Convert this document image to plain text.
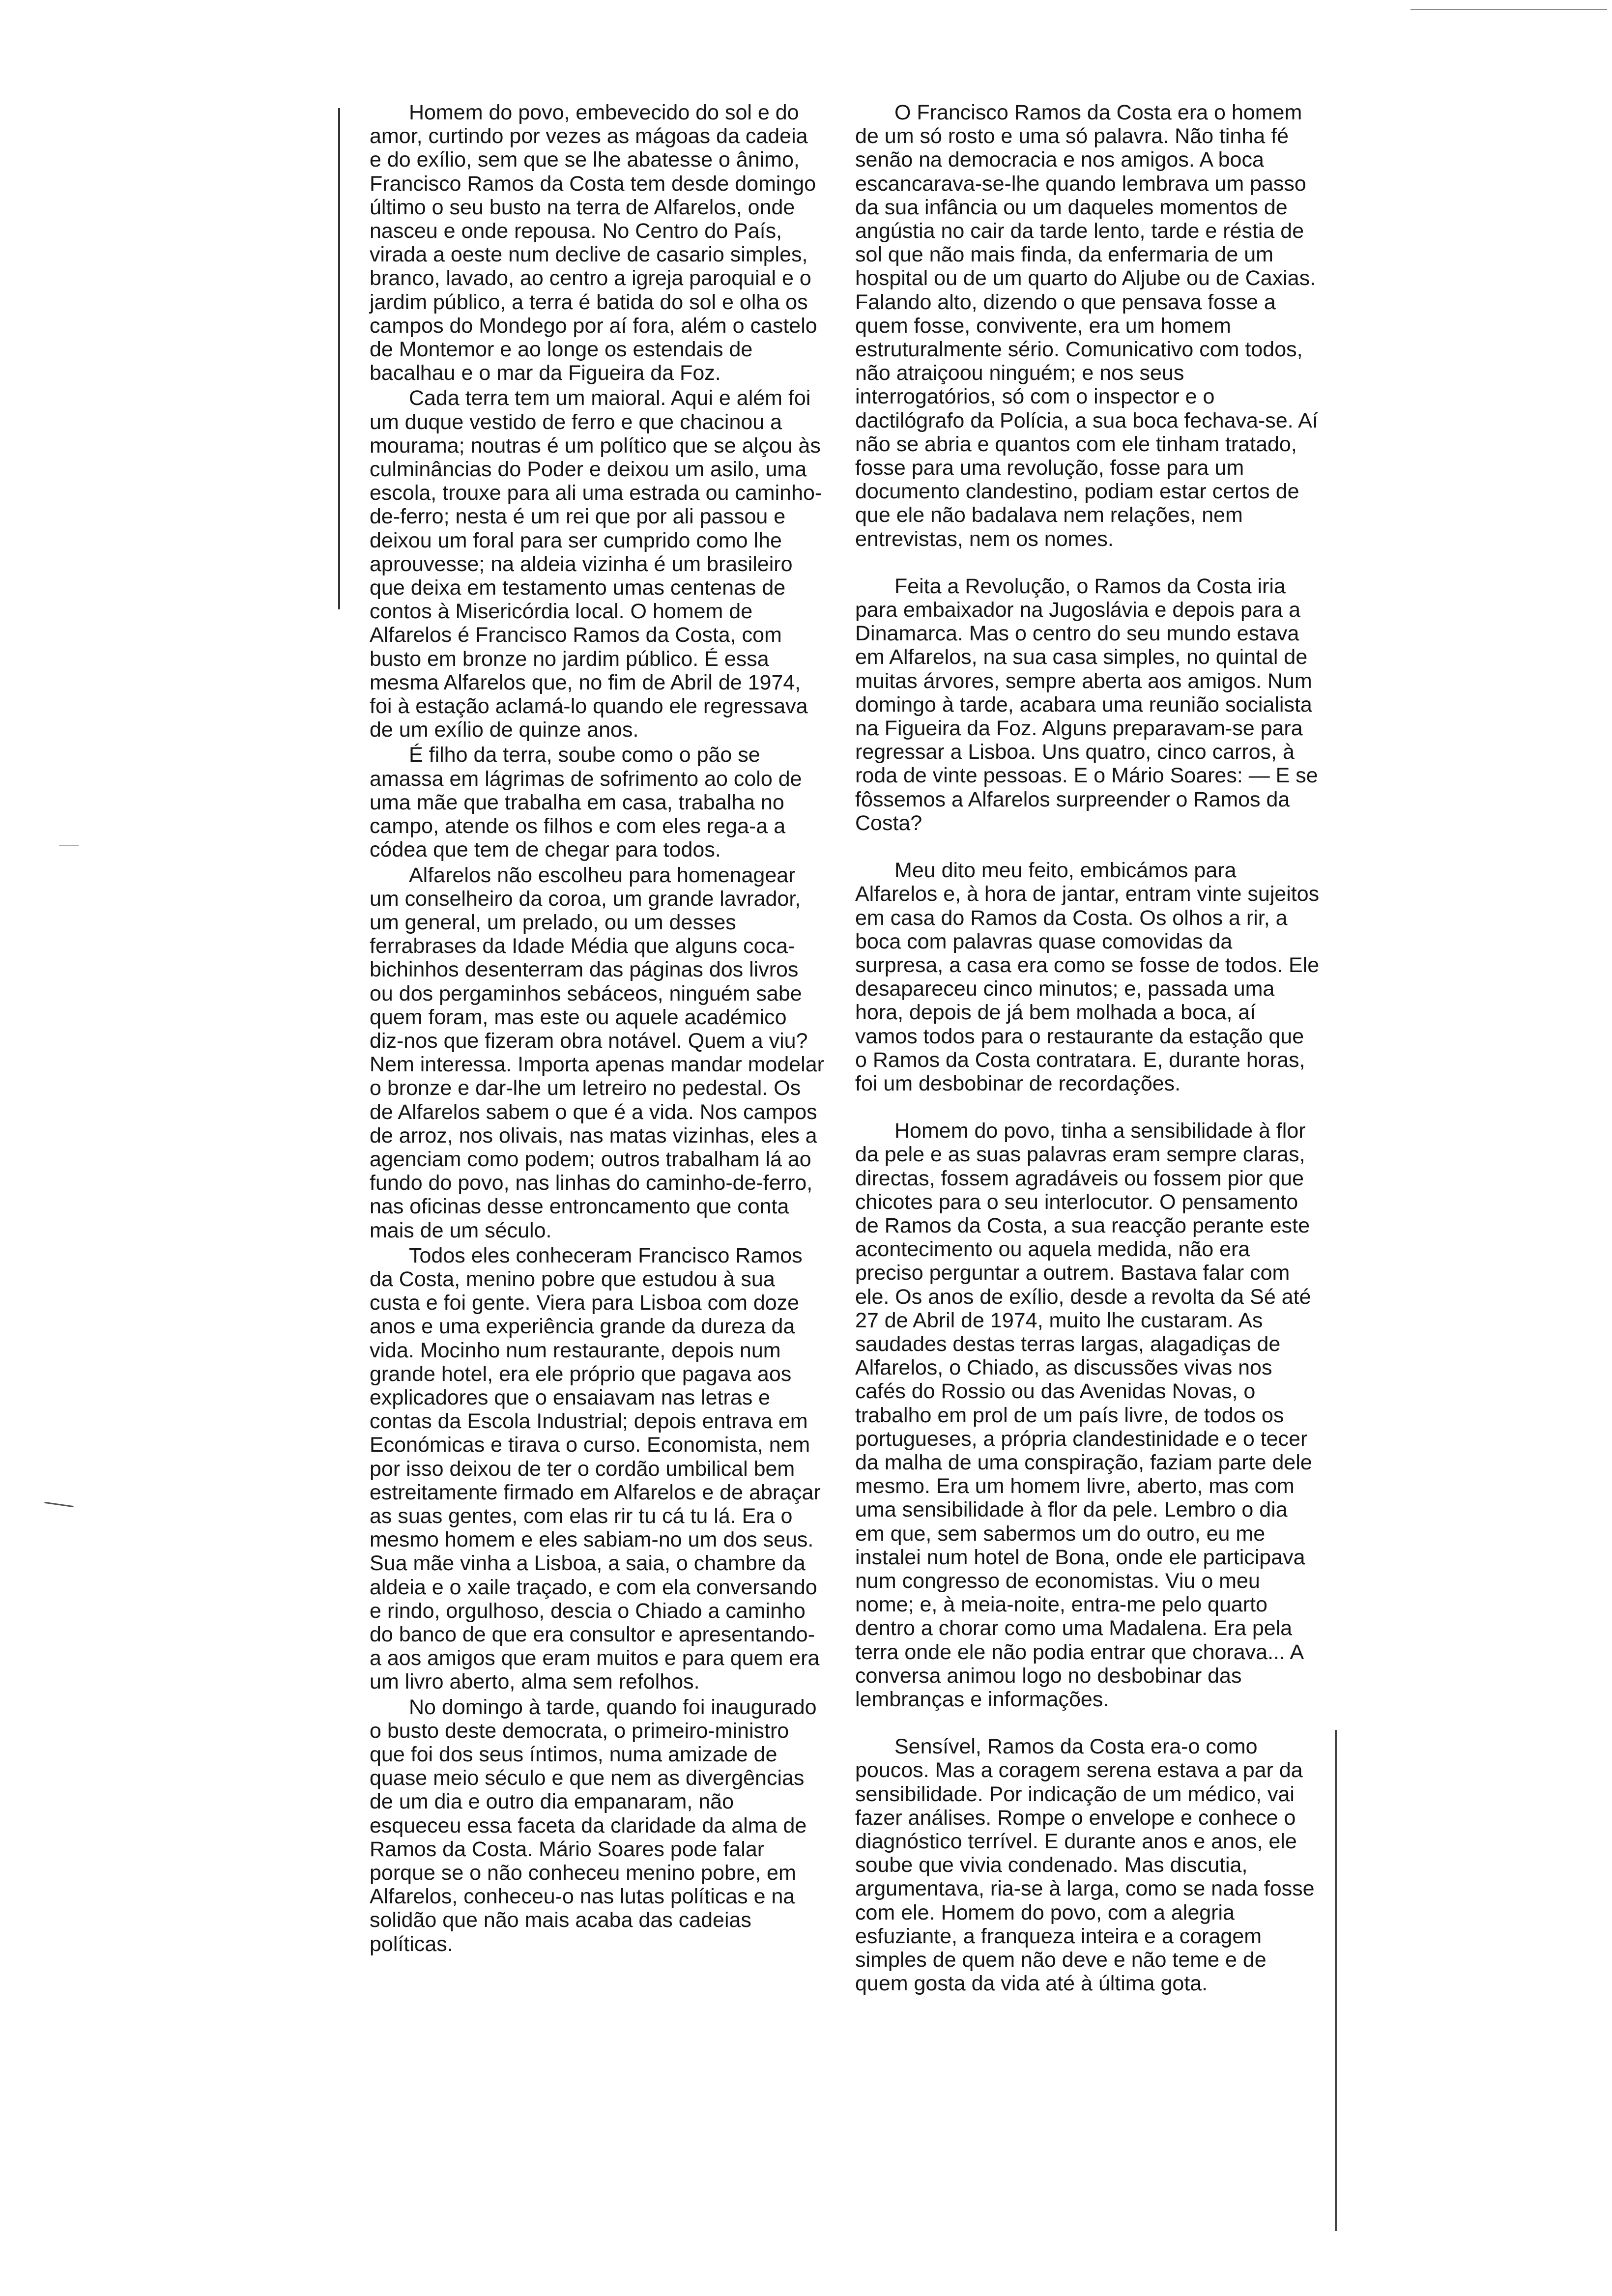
Homem do povo, embevecido do sol e do amor, curtindo por vezes as mágoas da cadeia e do exílio, sem que se lhe abatesse o ânimo, Francisco Ramos da Costa tem desde domingo último o seu busto na terra de Alfarelos, onde nasceu e onde repousa. No Centro do País, virada a oeste num declive de casario simples, branco, lavado, ao centro a igreja paroquial e o jardim público, a terra é batida do sol e olha os campos do Mondego por aí fora, além o castelo de Montemor e ao longe os estendais de bacalhau e o mar da Figueira da Foz.

Cada terra tem um maioral. Aqui e além foi um duque vestido de ferro e que chacinou a mourama; noutras é um político que se alçou às culminâncias do Poder e deixou um asilo, uma escola, trouxe para ali uma estrada ou caminho-de-ferro; nesta é um rei que por ali passou e deixou um foral para ser cumprido como lhe aprouvesse; na aldeia vizinha é um brasileiro que deixa em testamento umas centenas de contos à Misericórdia local. O homem de Alfarelos é Francisco Ramos da Costa, com busto em bronze no jardim público. É essa mesma Alfarelos que, no fim de Abril de 1974, foi à estação aclamá-lo quando ele regressava de um exílio de quinze anos.

É filho da terra, soube como o pão se amassa em lágrimas de sofrimento ao colo de uma mãe que trabalha em casa, trabalha no campo, atende os filhos e com eles rega-a a códea que tem de chegar para todos.

Alfarelos não escolheu para homenagear um conselheiro da coroa, um grande lavrador, um general, um prelado, ou um desses ferrabrases da Idade Média que alguns coca-bichinhos desenterram das páginas dos livros ou dos pergaminhos sebáceos, ninguém sabe quem foram, mas este ou aquele académico diz-nos que fizeram obra notável. Quem a viu? Nem interessa. Importa apenas mandar modelar o bronze e dar-lhe um letreiro no pedestal. Os de Alfarelos sabem o que é a vida. Nos campos de arroz, nos olivais, nas matas vizinhas, eles a agenciam como podem; outros trabalham lá ao fundo do povo, nas linhas do caminho-de-ferro, nas oficinas desse entroncamento que conta mais de um século.

Todos eles conheceram Francisco Ramos da Costa, menino pobre que estudou à sua custa e foi gente. Viera para Lisboa com doze anos e uma experiência grande da dureza da vida. Mocinho num restaurante, depois num grande hotel, era ele próprio que pagava aos explicadores que o ensaiavam nas letras e contas da Escola Industrial; depois entrava em Económicas e tirava o curso. Economista, nem por isso deixou de ter o cordão umbilical bem estreitamente firmado em Alfarelos e de abraçar as suas gentes, com elas rir tu cá tu lá. Era o mesmo homem e eles sabiam-no um dos seus. Sua mãe vinha a Lisboa, a saia, o chambre da aldeia e o xaile traçado, e com ela conversando e rindo, orgulhoso, descia o Chiado a caminho do banco de que era consultor e apresentando-a aos amigos que eram muitos e para quem era um livro aberto, alma sem refolhos.

No domingo à tarde, quando foi inaugurado o busto deste democrata, o primeiro-ministro que foi dos seus íntimos, numa amizade de quase meio século e que nem as divergências de um dia e outro dia empanaram, não esqueceu essa faceta da claridade da alma de Ramos da Costa. Mário Soares pode falar porque se o não conheceu menino pobre, em Alfarelos, conheceu-o nas lutas políticas e na solidão que não mais acaba das cadeias políticas.

O Francisco Ramos da Costa era o homem de um só rosto e uma só palavra. Não tinha fé senão na democracia e nos amigos. A boca escancarava-se-lhe quando lembrava um passo da sua infância ou um daqueles momentos de angústia no cair da tarde lento, tarde e réstia de sol que não mais finda, da enfermaria de um hospital ou de um quarto do Aljube ou de Caxias. Falando alto, dizendo o que pensava fosse a quem fosse, convivente, era um homem estruturalmente sério. Comunicativo com todos, não atraiçoou ninguém; e nos seus interrogatórios, só com o inspector e o dactilógrafo da Polícia, a sua boca fechava-se. Aí não se abria e quantos com ele tinham tratado, fosse para uma revolução, fosse para um documento clandestino, podiam estar certos de que ele não badalava nem relações, nem entrevistas, nem os nomes.

Feita a Revolução, o Ramos da Costa iria para embaixador na Jugoslávia e depois para a Dinamarca. Mas o centro do seu mundo estava em Alfarelos, na sua casa simples, no quintal de muitas árvores, sempre aberta aos amigos. Num domingo à tarde, acabara uma reunião socialista na Figueira da Foz. Alguns preparavam-se para regressar a Lisboa. Uns quatro, cinco carros, à roda de vinte pessoas. E o Mário Soares: — E se fôssemos a Alfarelos surpreender o Ramos da Costa?

Meu dito meu feito, embicámos para Alfarelos e, à hora de jantar, entram vinte sujeitos em casa do Ramos da Costa. Os olhos a rir, a boca com palavras quase comovidas da surpresa, a casa era como se fosse de todos. Ele desapareceu cinco minutos; e, passada uma hora, depois de já bem molhada a boca, aí vamos todos para o restaurante da estação que o Ramos da Costa contratara. E, durante horas, foi um desbobinar de recordações.

Homem do povo, tinha a sensibilidade à flor da pele e as suas palavras eram sempre claras, directas, fossem agradáveis ou fossem pior que chicotes para o seu interlocutor. O pensamento de Ramos da Costa, a sua reacção perante este acontecimento ou aquela medida, não era preciso perguntar a outrem. Bastava falar com ele. Os anos de exílio, desde a revolta da Sé até 27 de Abril de 1974, muito lhe custaram. As saudades destas terras largas, alagadiças de Alfarelos, o Chiado, as discussões vivas nos cafés do Rossio ou das Avenidas Novas, o trabalho em prol de um país livre, de todos os portugueses, a própria clandestinidade e o tecer da malha de uma conspiração, faziam parte dele mesmo. Era um homem livre, aberto, mas com uma sensibilidade à flor da pele. Lembro o dia em que, sem sabermos um do outro, eu me instalei num hotel de Bona, onde ele participava num congresso de economistas. Viu o meu nome; e, à meia-noite, entra-me pelo quarto dentro a chorar como uma Madalena. Era pela terra onde ele não podia entrar que chorava... A conversa animou logo no desbobinar das lembranças e informações.

Sensível, Ramos da Costa era-o como poucos. Mas a coragem serena estava a par da sensibilidade. Por indicação de um médico, vai fazer análises. Rompe o envelope e conhece o diagnóstico terrível. E durante anos e anos, ele soube que vivia condenado. Mas discutia, argumentava, ria-se à larga, como se nada fosse com ele. Homem do povo, com a alegria esfuziante, a franqueza inteira e a coragem simples de quem não deve e não teme e de quem gosta da vida até à última gota.
